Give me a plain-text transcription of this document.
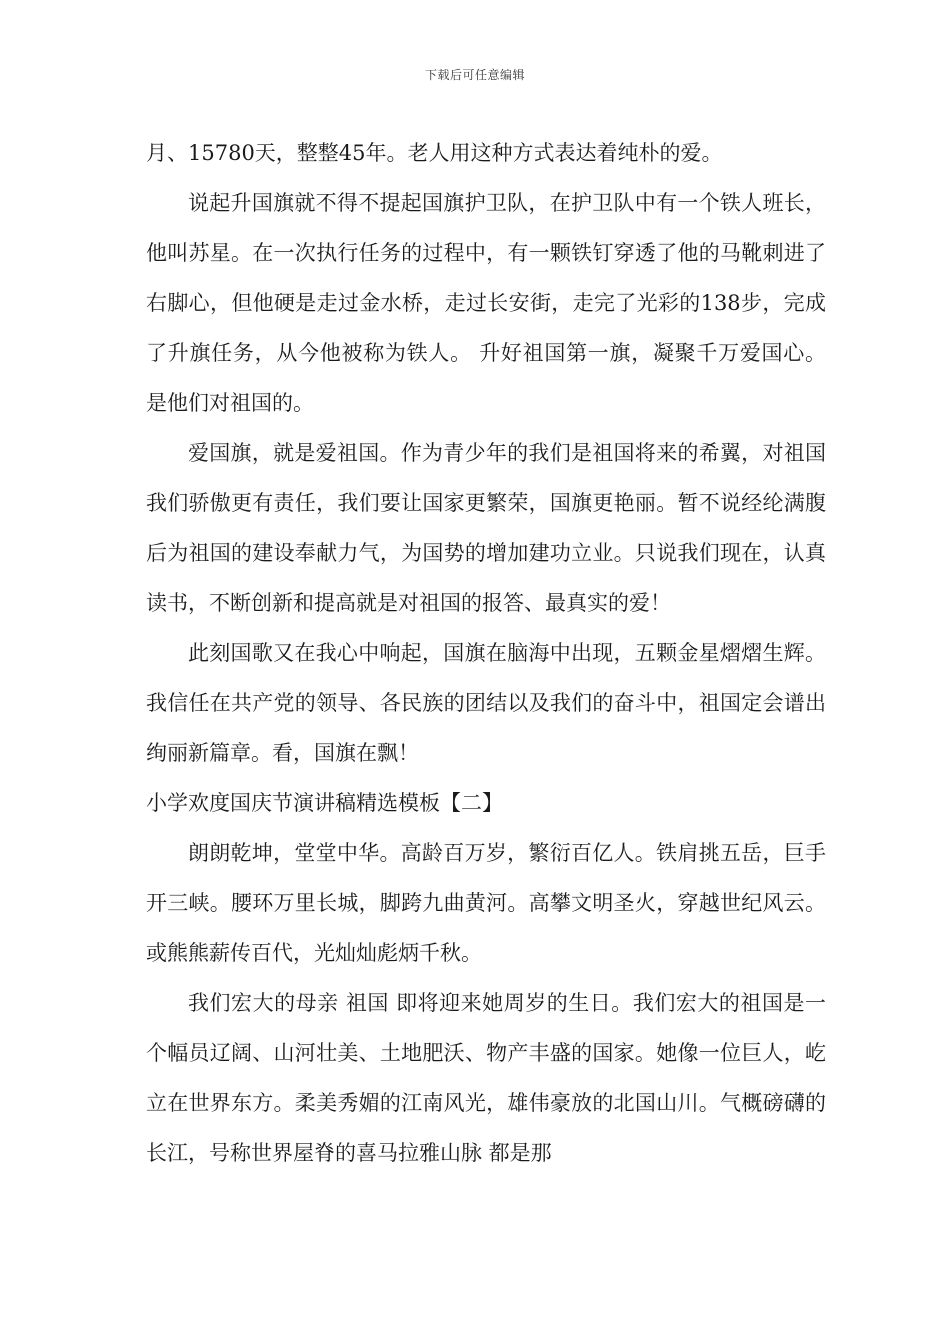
下载后可任意编辑

月、15780天，整整45年。老人用这种方式表达着纯朴的爱。

说起升国旗就不得不提起国旗护卫队，在护卫队中有一个铁人班长，他叫苏星。在一次执行任务的过程中，有一颗铁钉穿透了他的马靴刺进了右脚心，但他硬是走过金水桥，走过长安街，走完了光彩的138步，完成了升旗任务，从今他被称为铁人。 升好祖国第一旗，凝聚千万爱国心。 是他们对祖国的。

爱国旗，就是爱祖国。作为青少年的我们是祖国将来的希翼，对祖国我们骄傲更有责任，我们要让国家更繁荣，国旗更艳丽。暂不说经纶满腹后为祖国的建设奉献力气，为国势的增加建功立业。只说我们现在，认真读书，不断创新和提高就是对祖国的报答、最真实的爱！

此刻国歌又在我心中响起，国旗在脑海中出现，五颗金星熠熠生辉。我信任在共产党的领导、各民族的团结以及我们的奋斗中，祖国定会谱出绚丽新篇章。看，国旗在飘！

小学欢度国庆节演讲稿精选模板【二】

朗朗乾坤，堂堂中华。高龄百万岁，繁衍百亿人。铁肩挑五岳，巨手开三峡。腰环万里长城，脚跨九曲黄河。高攀文明圣火，穿越世纪风云。或熊熊薪传百代，光灿灿彪炳千秋。

我们宏大的母亲 祖国 即将迎来她周岁的生日。我们宏大的祖国是一个幅员辽阔、山河壮美、土地肥沃、物产丰盛的国家。她像一位巨人，屹立在世界东方。柔美秀媚的江南风光，雄伟豪放的北国山川。气概磅礴的长江，号称世界屋脊的喜马拉雅山脉 都是那
